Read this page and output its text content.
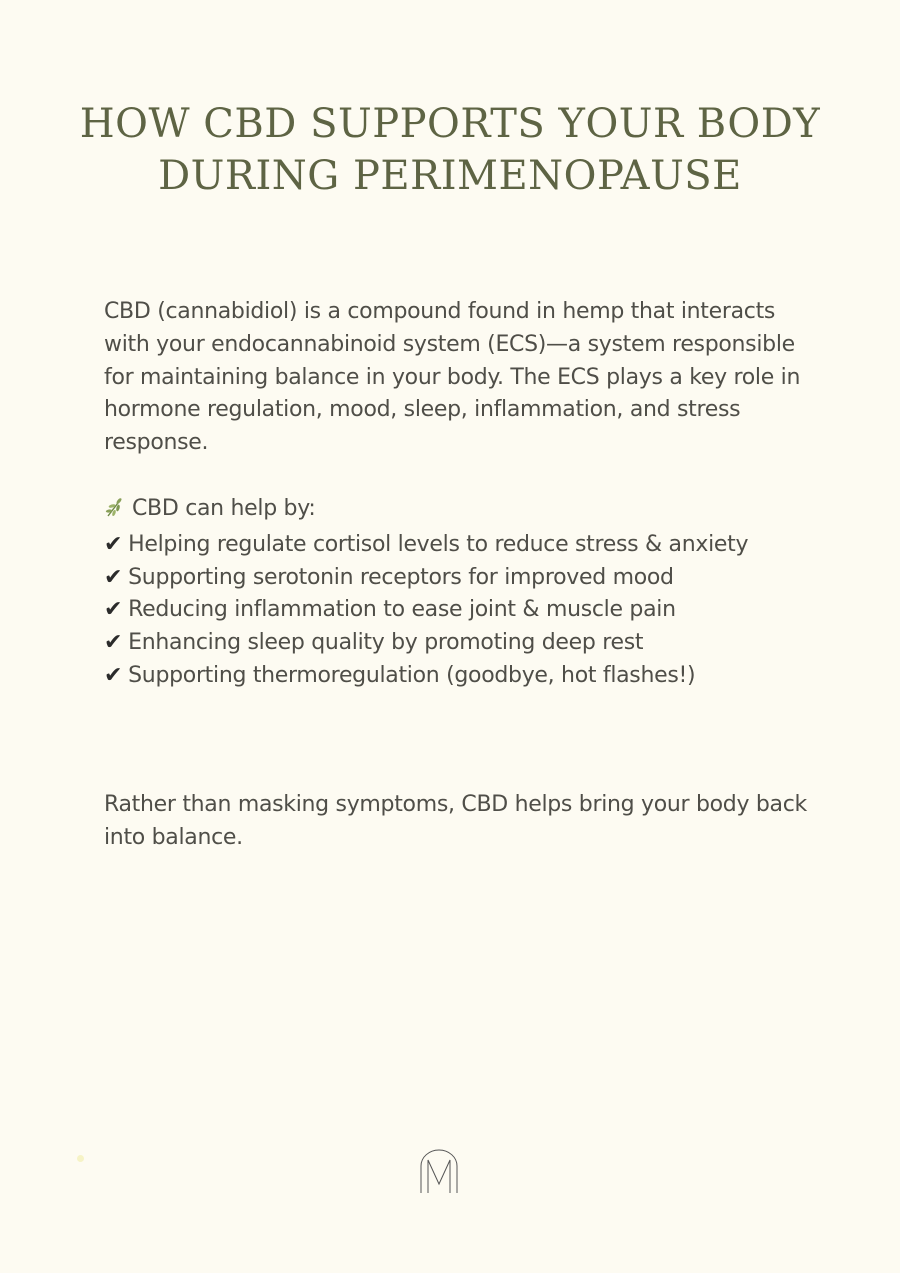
HOW CBD SUPPORTS YOUR BODY
DURING PERIMENOPAUSE

CBD (cannabidiol) is a compound found in hemp that interacts with your endocannabinoid system (ECS)—a system responsible for maintaining balance in your body. The ECS plays a key role in hormone regulation, mood, sleep, inflammation, and stress response.

CBD can help by:
✔ Helping regulate cortisol levels to reduce stress & anxiety
✔ Supporting serotonin receptors for improved mood
✔ Reducing inflammation to ease joint & muscle pain
✔ Enhancing sleep quality by promoting deep rest
✔ Supporting thermoregulation (goodbye, hot flashes!)

Rather than masking symptoms, CBD helps bring your body back into balance.
